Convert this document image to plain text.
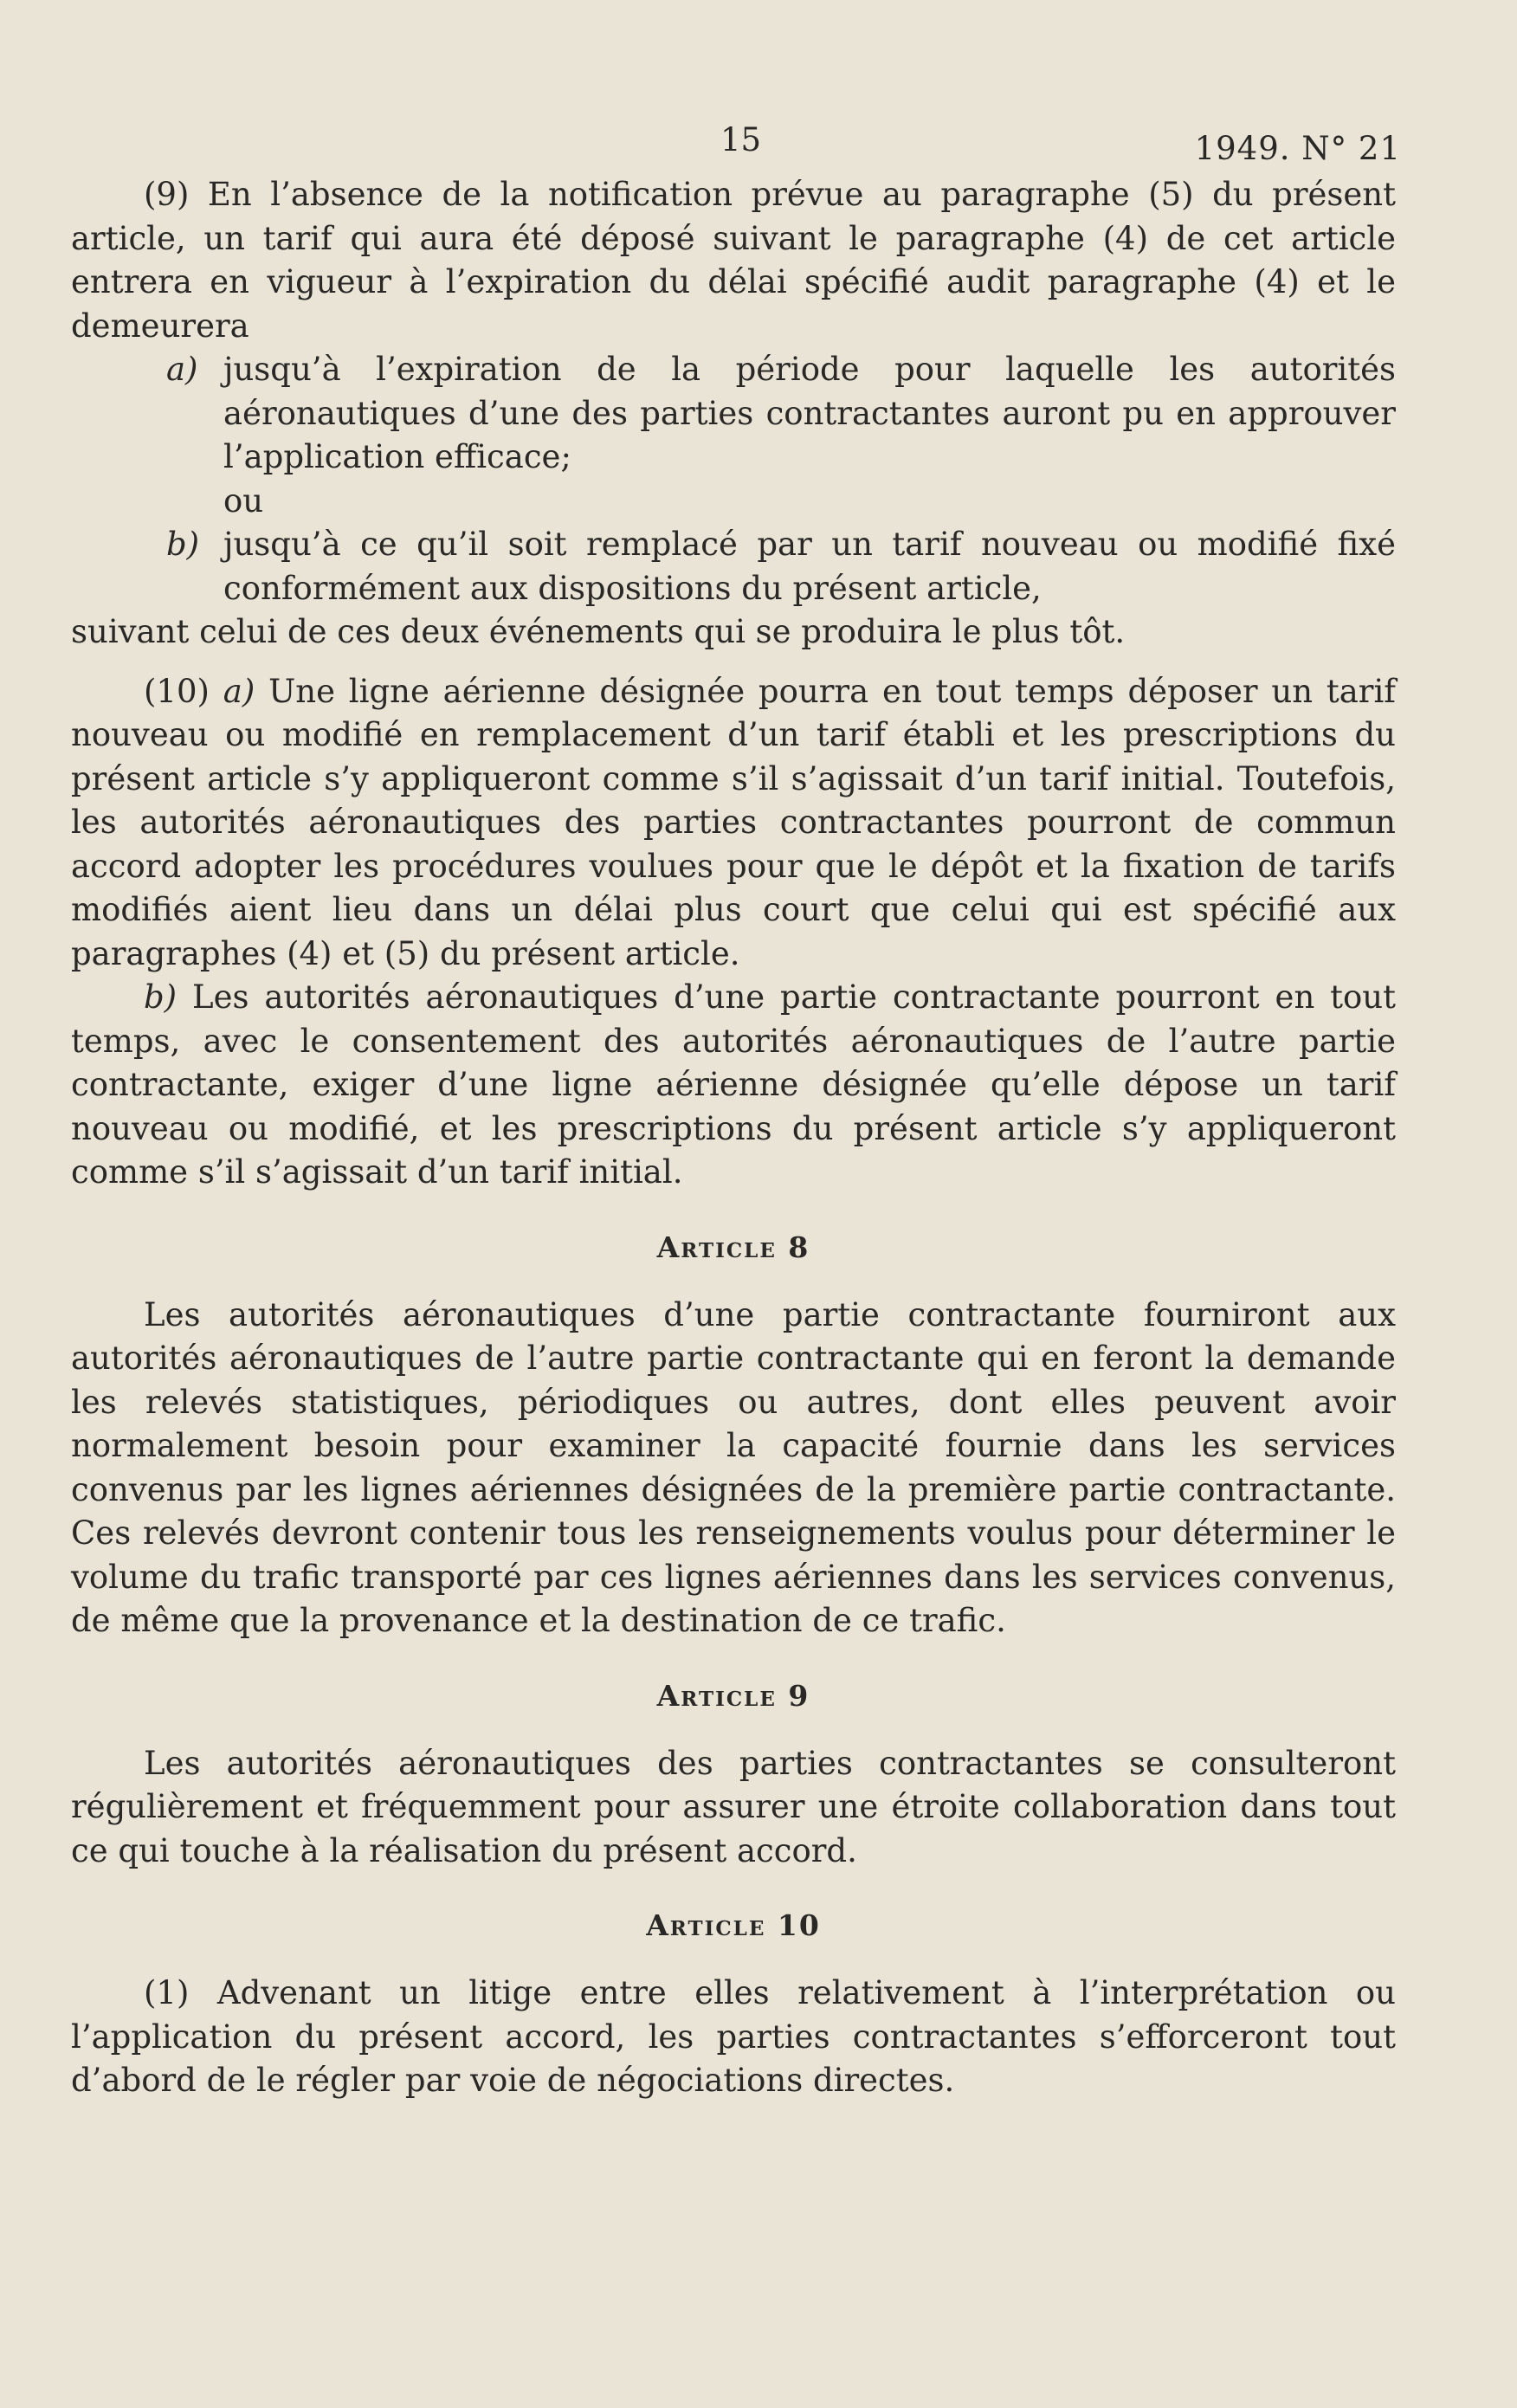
15	1949. N° 21

(9) En l’absence de la notification prévue au paragraphe (5) du présent article, un tarif qui aura été déposé suivant le paragraphe (4) de cet article entrera en vigueur à l’expiration du délai spécifié audit paragraphe (4) et le demeurera

a) jusqu’à l’expiration de la période pour laquelle les autorités aéronautiques d’une des parties contractantes auront pu en approuver l’application efficace;

ou

b) jusqu’à ce qu’il soit remplacé par un tarif nouveau ou modifié fixé conformément aux dispositions du présent article,

suivant celui de ces deux événements qui se produira le plus tôt.

(10) a) Une ligne aérienne désignée pourra en tout temps déposer un tarif nouveau ou modifié en remplacement d’un tarif établi et les prescriptions du présent article s’y appliqueront comme s’il s’agissait d’un tarif initial. Toutefois, les autorités aéronautiques des parties contractantes pourront de commun accord adopter les procédures voulues pour que le dépôt et la fixation de tarifs modifiés aient lieu dans un délai plus court que celui qui est spécifié aux paragraphes (4) et (5) du présent article.

b) Les autorités aéronautiques d’une partie contractante pourront en tout temps, avec le consentement des autorités aéronautiques de l’autre partie contractante, exiger d’une ligne aérienne désignée qu’elle dépose un tarif nouveau ou modifié, et les prescriptions du présent article s’y appliqueront comme s’il s’agissait d’un tarif initial.

Article 8

Les autorités aéronautiques d’une partie contractante fourniront aux autorités aéronautiques de l’autre partie contractante qui en feront la demande les relevés statistiques, périodiques ou autres, dont elles peuvent avoir normalement besoin pour examiner la capacité fournie dans les services convenus par les lignes aériennes désignées de la première partie contractante. Ces relevés devront contenir tous les renseignements voulus pour déterminer le volume du trafic transporté par ces lignes aériennes dans les services convenus, de même que la provenance et la destination de ce trafic.

Article 9

Les autorités aéronautiques des parties contractantes se consulteront régulièrement et fréquemment pour assurer une étroite collaboration dans tout ce qui touche à la réalisation du présent accord.

Article 10

(1) Advenant un litige entre elles relativement à l’interprétation ou l’application du présent accord, les parties contractantes s’efforceront tout d’abord de le régler par voie de négociations directes.
